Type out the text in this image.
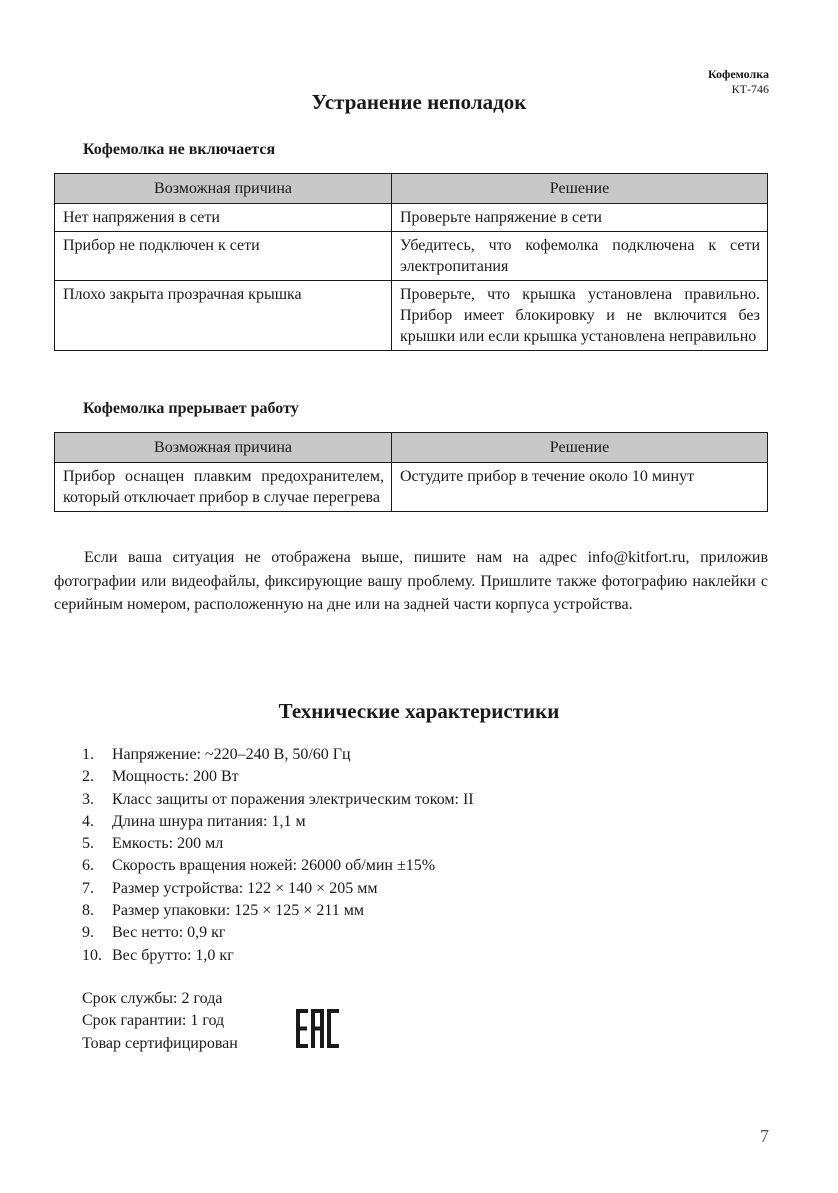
Кофемолка
КТ-746
Устранение неполадок
Кофемолка не включается
Возможная причина	Решение
Нет напряжения в сети	Проверьте напряжение в сети
Прибор не подключен к сети	Убедитесь, что кофемолка подключена к сети электропитания
Плохо закрыта прозрачная крышка	Проверьте, что крышка установлена правильно. Прибор имеет блокировку и не включится без крышки или если крышка установлена неправильно
Кофемолка прерывает работу
Возможная причина	Решение
Прибор оснащен плавким предохранителем, который отключает прибор в случае перегрева	Остудите прибор в течение около 10 минут

Если ваша ситуация не отображена выше, пишите нам на адрес info@kitfort.ru, приложив фотографии или видеофайлы, фиксирующие вашу проблему. Пришлите также фотографию наклейки с серийным номером, расположенную на дне или на задней части корпуса устройства.

Технические характеристики
1.	Напряжение: ~220–240 В, 50/60 Гц
2.	Мощность: 200 Вт
3.	Класс защиты от поражения электрическим током: II
4.	Длина шнура питания: 1,1 м
5.	Емкость: 200 мл
6.	Скорость вращения ножей: 26000 об/мин ±15%
7.	Размер устройства: 122 × 140 × 205 мм
8.	Размер упаковки: 125 × 125 × 211 мм
9.	Вес нетто: 0,9 кг
10. Вес брутто: 1,0 кг
Срок службы: 2 года
Срок гарантии: 1 год
Товар сертифицирован
7
